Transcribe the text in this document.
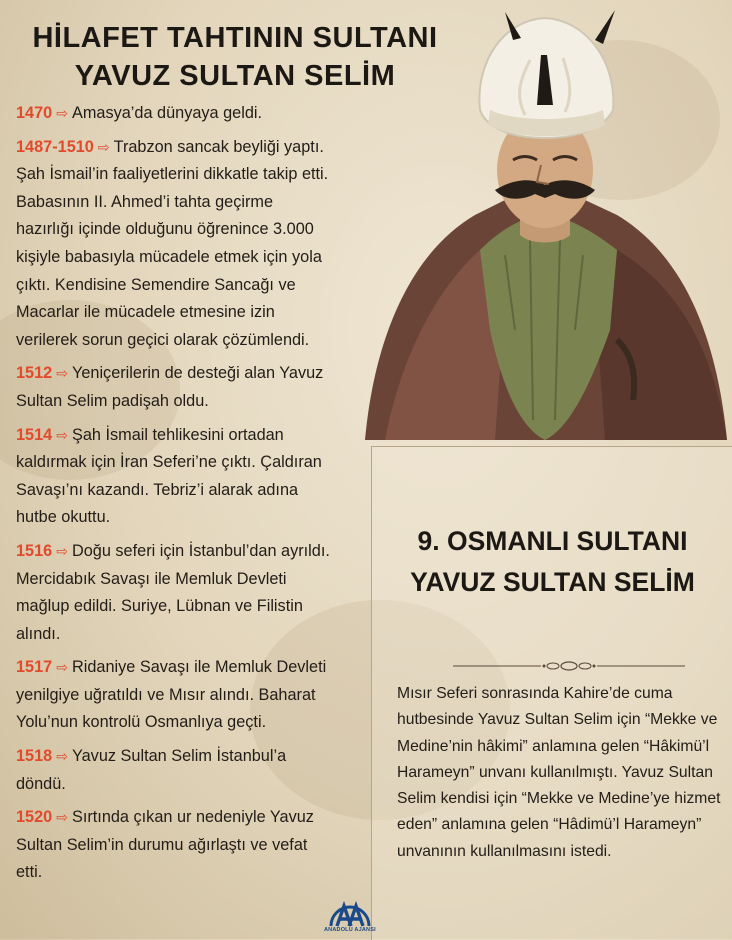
HİLAFET TAHTININ SULTANI
YAVUZ SULTAN SELİM
1470 ⇨ Amasya’da dünyaya geldi.
1487-1510 ⇨ Trabzon sancak beyliği yaptı. Şah İsmail’in faaliyetlerini dikkatle takip etti. Babasının II. Ahmed’i tahta geçirme hazırlığı içinde olduğunu öğrenince 3.000 kişiyle babasıyla mücadele etmek için yola çıktı. Kendisine Semendire Sancağı ve Macarlar ile mücadele etmesine izin verilerek sorun geçici olarak çözümlendi.
1512 ⇨ Yeniçerilerin de desteği alan Yavuz Sultan Selim padişah oldu.
1514 ⇨ Şah İsmail tehlikesini ortadan kaldırmak için İran Seferi’ne çıktı. Çaldıran Savaşı’nı kazandı. Tebriz’i alarak adına hutbe okuttu.
1516 ⇨ Doğu seferi için İstanbul’dan ayrıldı. Mercidabık Savaşı ile Memluk Devleti mağlup edildi. Suriye, Lübnan ve Filistin alındı.
1517 ⇨ Ridaniye Savaşı ile Memluk Devleti yenilgiye uğratıldı ve Mısır alındı. Baharat Yolu’nun kontrolü Osmanlıya geçti.
1518 ⇨ Yavuz Sultan Selim İstanbul’a döndü.
1520 ⇨ Sırtında çıkan ur nedeniyle Yavuz Sultan Selim’in durumu ağırlaştı ve vefat etti.
9. OSMANLI SULTANI
YAVUZ SULTAN SELİM
Mısır Seferi sonrasında Kahire’de cuma hutbesinde Yavuz Sultan Selim için “Mekke ve Medine’nin hâkimi” anlamına gelen “Hâkimü’l Harameyn” unvanı kullanılmıştı. Yavuz Sultan Selim kendisi için “Mekke ve Medine’ye hizmet eden” anlamına gelen “Hâdimü’l Harameyn” unvanının kullanılmasını istedi.
ANADOLU AJANSI
